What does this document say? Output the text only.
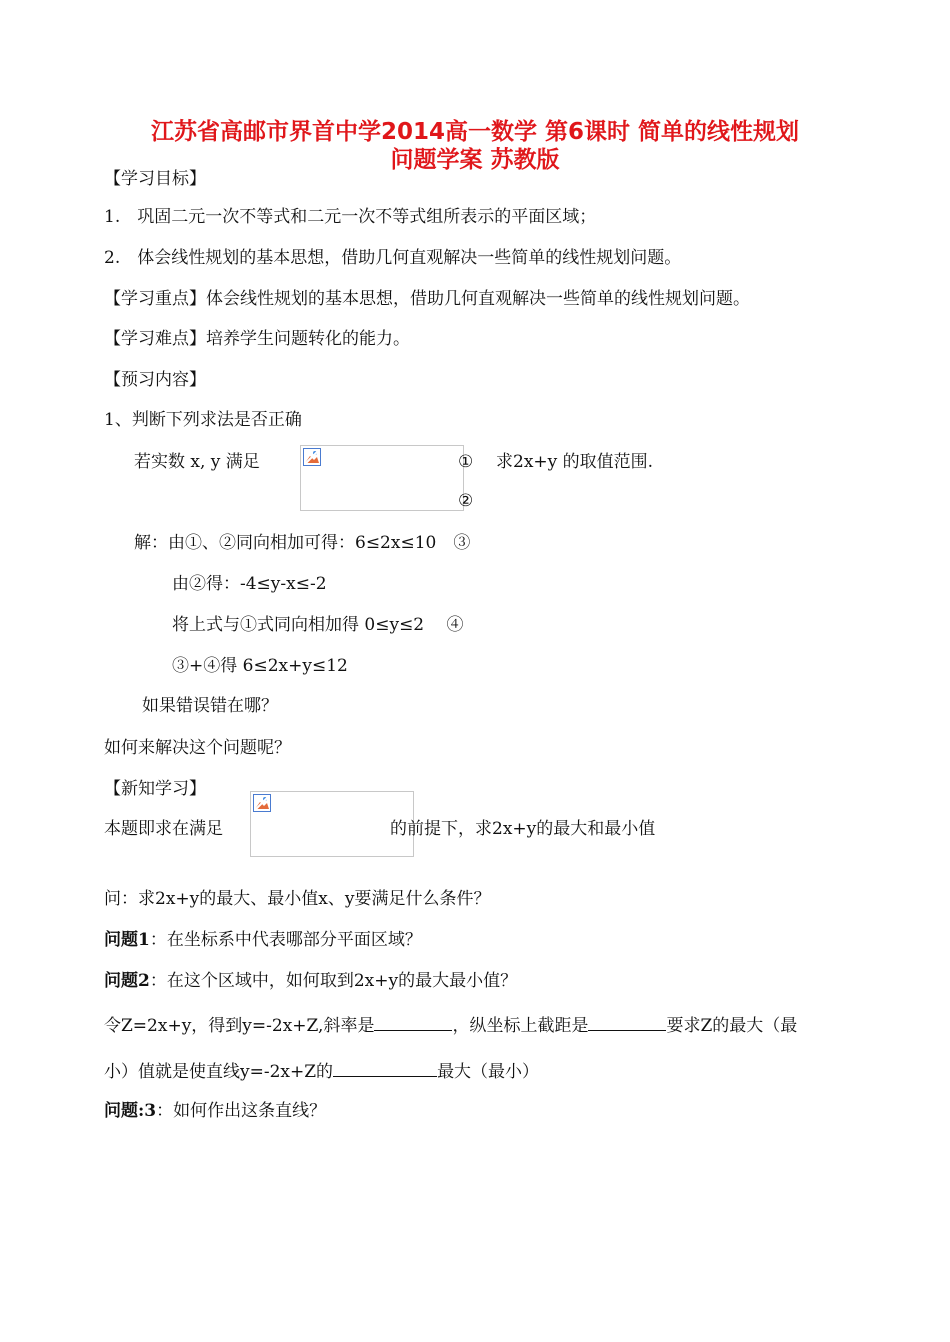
江苏省高邮市界首中学2014高一数学 第6课时 简单的线性规划
问题学案 苏教版
【学习目标】
1.　巩固二元一次不等式和二元一次不等式组所表示的平面区域；
2.　体会线性规划的基本思想，借助几何直观解决一些简单的线性规划问题。
【学习重点】体会线性规划的基本思想，借助几何直观解决一些简单的线性规划问题。
【学习难点】培养学生问题转化的能力。
【预习内容】
1、判断下列求法是否正确
若实数 x, y 满足	① 求2x+y 的取值范围.
②
解：由①、②同向相加可得：6≤2x≤10　③
由②得：-4≤y-x≤-2
将上式与①式同向相加得 0≤y≤2　 ④
③+④得 6≤2x+y≤12
如果错误错在哪？
如何来解决这个问题呢？
【新知学习】
本题即求在满足	的前提下，求2x+y的最大和最小值
问：求2x+y的最大、最小值x、y要满足什么条件？
问题1：在坐标系中代表哪部分平面区域？
问题2：在这个区域中，如何取到2x+y的最大最小值？
令Z=2x+y，得到y=-2x+Z,斜率是	，纵坐标上截距是	要求Z的最大（最
小）值就是使直线y=-2x+Z的	最大（最小）
问题:3：如何作出这条直线？
